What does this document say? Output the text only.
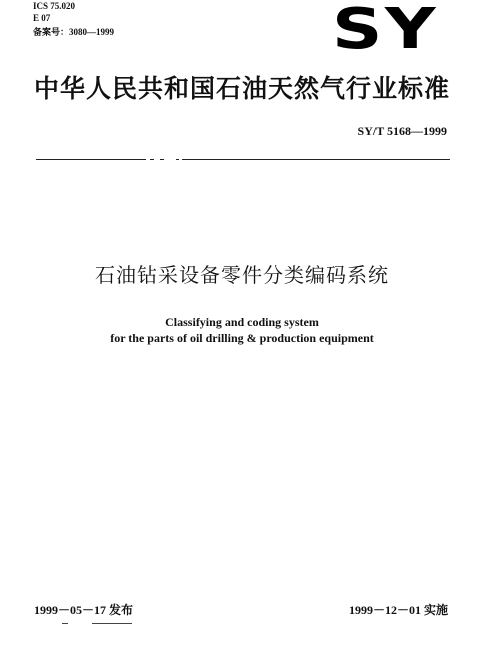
ICS 75.020
E 07
备案号：3080—1999	SY
中华人民共和国石油天然气行业标准
SY/T 5168—1999
石油钻采设备零件分类编码系统
Classifying and coding system
for the parts of oil drilling & production equipment
1999－05－17 发布	1999－12－01 实施
